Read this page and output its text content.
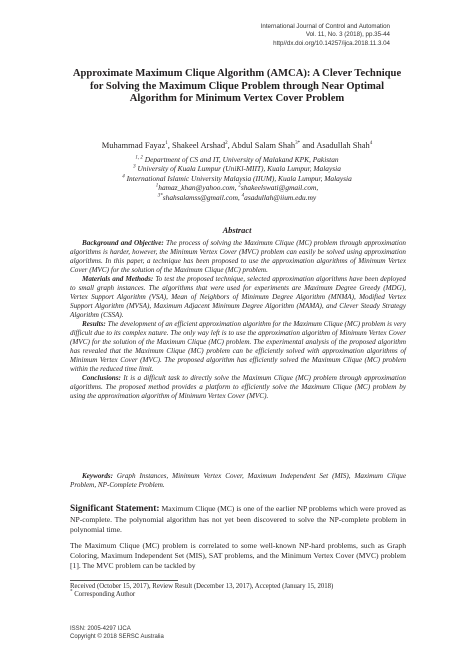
International Journal of Control and Automation
Vol. 11, No. 3 (2018), pp.35-44
http//dx.doi.org/10.14257/ijca.2018.11.3.04
Approximate Maximum Clique Algorithm (AMCA): A Clever Technique for Solving the Maximum Clique Problem through Near Optimal Algorithm for Minimum Vertex Cover Problem
Muhammad Fayaz$^1$, Shakeel Arshad$^2$, Abdul Salam Shah$^{3*}$ and Asadullah Shah$^4$
$^{1, 2}$ Department of CS and IT, University of Malakand KPK, Pakistan
$^3$ University of Kuala Lumpur (UniKl-MIIT), Kuala Lumpur, Malaysia
$^4$ International Islamic University Malaysia (IIUM), Kuala Lumpur, Malaysia
$^1$hamaz_khan@yahoo.com, $^2$shakeelswati@gmail.com,
$^{3*}$shahsalamss@gmail.com, $^4$asadullah@iium.edu.my
Abstract

Background and Objective: The process of solving the Maximum Clique (MC) problem through approximation algorithms is harder, however, the Minimum Vertex Cover (MVC) problem can easily be solved using approximation algorithms. In this paper, a technique has been proposed to use the approximation algorithms of Minimum Vertex Cover (MVC) for the solution of the Maximum Clique (MC) problem.

Materials and Methods: To test the proposed technique, selected approximation algorithms have been deployed to small graph instances. The algorithms that were used for experiments are Maximum Degree Greedy (MDG), Vertex Support Algorithm (VSA), Mean of Neighbors of Minimum Degree Algorithm (MNMA), Modified Vertex Support Algorithm (MVSA), Maximum Adjacent Minimum Degree Algorithm (MAMA), and Clever Steady Strategy Algorithm (CSSA).

Results: The development of an efficient approximation algorithm for the Maximum Clique (MC) problem is very difficult due to its complex nature. The only way left is to use the approximation algorithm of Minimum Vertex Cover (MVC) for the solution of the Maximum Clique (MC) problem. The experimental analysis of the proposed algorithm has revealed that the Maximum Clique (MC) problem can be efficiently solved with approximation algorithms of Minimum Vertex Cover (MVC). The proposed algorithm has efficiently solved the Maximum Clique (MC) problem within the reduced time limit.

Conclusions: It is a difficult task to directly solve the Maximum Clique (MC) problem through approximation algorithms. The proposed method provides a platform to efficiently solve the Maximum Clique (MC) problem by using the approximation algorithm of Minimum Vertex Cover (MVC).

Keywords: Graph Instances, Minimum Vertex Cover, Maximum Independent Set (MIS), Maximum Clique Problem, NP-Complete Problem.

Significant Statement: Maximum Clique (MC) is one of the earlier NP problems which were proved as NP-complete. The polynomial algorithm has not yet been discovered to solve the NP-complete problem in polynomial time.

The Maximum Clique (MC) problem is correlated to some well-known NP-hard problems, such as Graph Coloring, Maximum Independent Set (MIS), SAT problems, and the Minimum Vertex Cover (MVC) problem [1]. The MVC problem can be tackled by

Received (October 15, 2017), Review Result (December 13, 2017), Accepted (January 15, 2018)
* Corresponding Author
ISSN: 2005-4297 IJCA
Copyright © 2018 SERSC Australia
